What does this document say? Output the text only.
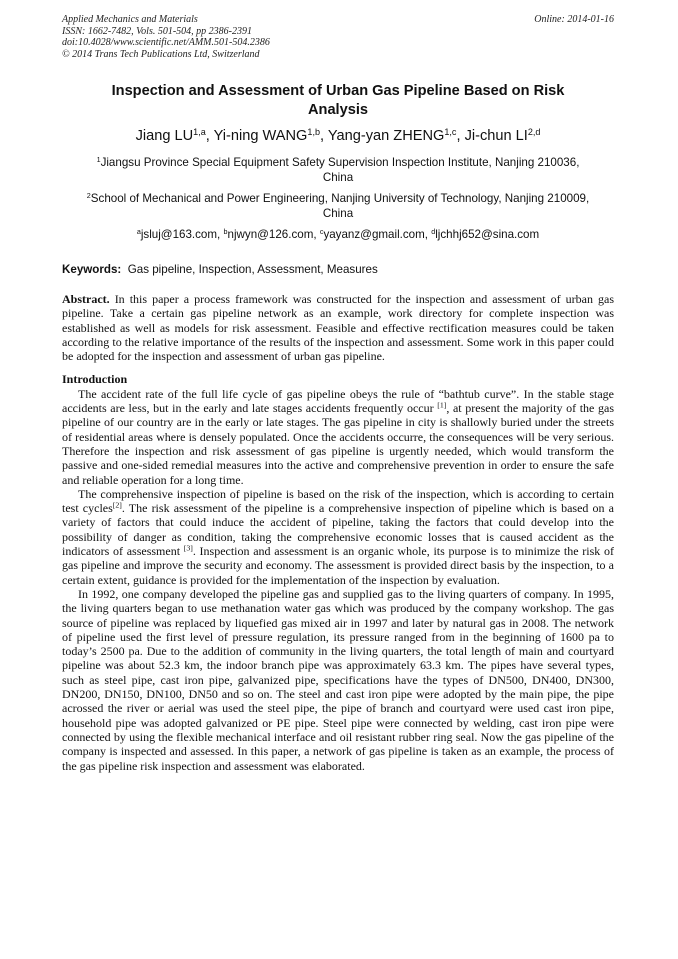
Applied Mechanics and Materials
ISSN: 1662-7482, Vols. 501-504, pp 2386-2391
doi:10.4028/www.scientific.net/AMM.501-504.2386
© 2014 Trans Tech Publications Ltd, Switzerland
Online: 2014-01-16
Inspection and Assessment of Urban Gas Pipeline Based on Risk
Analysis
Jiang LU$^{1,a}$, Yi-ning WANG$^{1,b}$, Yang-yan ZHENG$^{1,c}$, Ji-chun LI$^{2,d}$
$^1$Jiangsu Province Special Equipment Safety Supervision Inspection Institute, Nanjing 210036,
China
$^2$School of Mechanical and Power Engineering, Nanjing University of Technology, Nanjing 210009,
China
$^a$jsluj@163.com, $^b$njwyn@126.com, $^c$yayanz@gmail.com, $^d$ljchhj652@sina.com
Keywords: Gas pipeline, Inspection, Assessment, Measures

Abstract. In this paper a process framework was constructed for the inspection and assessment of urban gas pipeline. Take a certain gas pipeline network as an example, work directory for complete inspection was established as well as models for risk assessment. Feasible and effective rectification measures could be taken according to the relative importance of the results of the inspection and assessment. Some work in this paper could be adopted for the inspection and assessment of urban gas pipeline.

Introduction

The accident rate of the full life cycle of gas pipeline obeys the rule of “bathtub curve”. In the stable stage accidents are less, but in the early and late stages accidents frequently occur [1], at present the majority of the gas pipeline of our country are in the early or late stages. The gas pipeline in city is shallowly buried under the streets of residential areas where is densely populated. Once the accidents occurre, the consequences will be very serious. Therefore the inspection and risk assessment of gas pipeline is urgently needed, which would transform the passive and one-sided remedial measures into the active and comprehensive prevention in order to ensure the safe and reliable operation for a long time.

The comprehensive inspection of pipeline is based on the risk of the inspection, which is according to certain test cycles[2]. The risk assessment of the pipeline is a comprehensive inspection of pipeline which is based on a variety of factors that could induce the accident of pipeline, taking the factors that could develop into the possibility of danger as condition, taking the comprehensive economic losses that is caused accident as the indicators of assessment [3]. Inspection and assessment is an organic whole, its purpose is to minimize the risk of gas pipeline and improve the security and economy. The assessment is provided direct basis by the inspection, to a certain extent, guidance is provided for the implementation of the inspection by evaluation.

In 1992, one company developed the pipeline gas and supplied gas to the living quarters of company. In 1995, the living quarters began to use methanation water gas which was produced by the company workshop. The gas source of pipeline was replaced by liquefied gas mixed air in 1997 and later by natural gas in 2008. The network of pipeline used the first level of pressure regulation, its pressure ranged from in the beginning of 1600 pa to today’s 2500 pa. Due to the addition of community in the living quarters, the total length of main and courtyard pipeline was about 52.3 km, the indoor branch pipe was approximately 63.3 km. The pipes have several types, such as steel pipe, cast iron pipe, galvanized pipe, specifications have the types of DN500, DN400, DN300, DN200, DN150, DN100, DN50 and so on. The steel and cast iron pipe were adopted by the main pipe, the pipe acrossed the river or aerial was used the steel pipe, the pipe of branch and courtyard were used cast iron pipe, household pipe was adopted galvanized or PE pipe. Steel pipe were connected by welding, cast iron pipe were connected by using the flexible mechanical interface and oil resistant rubber ring seal. Now the gas pipeline of the company is inspected and assessed. In this paper, a network of gas pipeline is taken as an example, the process of the gas pipeline risk inspection and assessment was elaborated.
